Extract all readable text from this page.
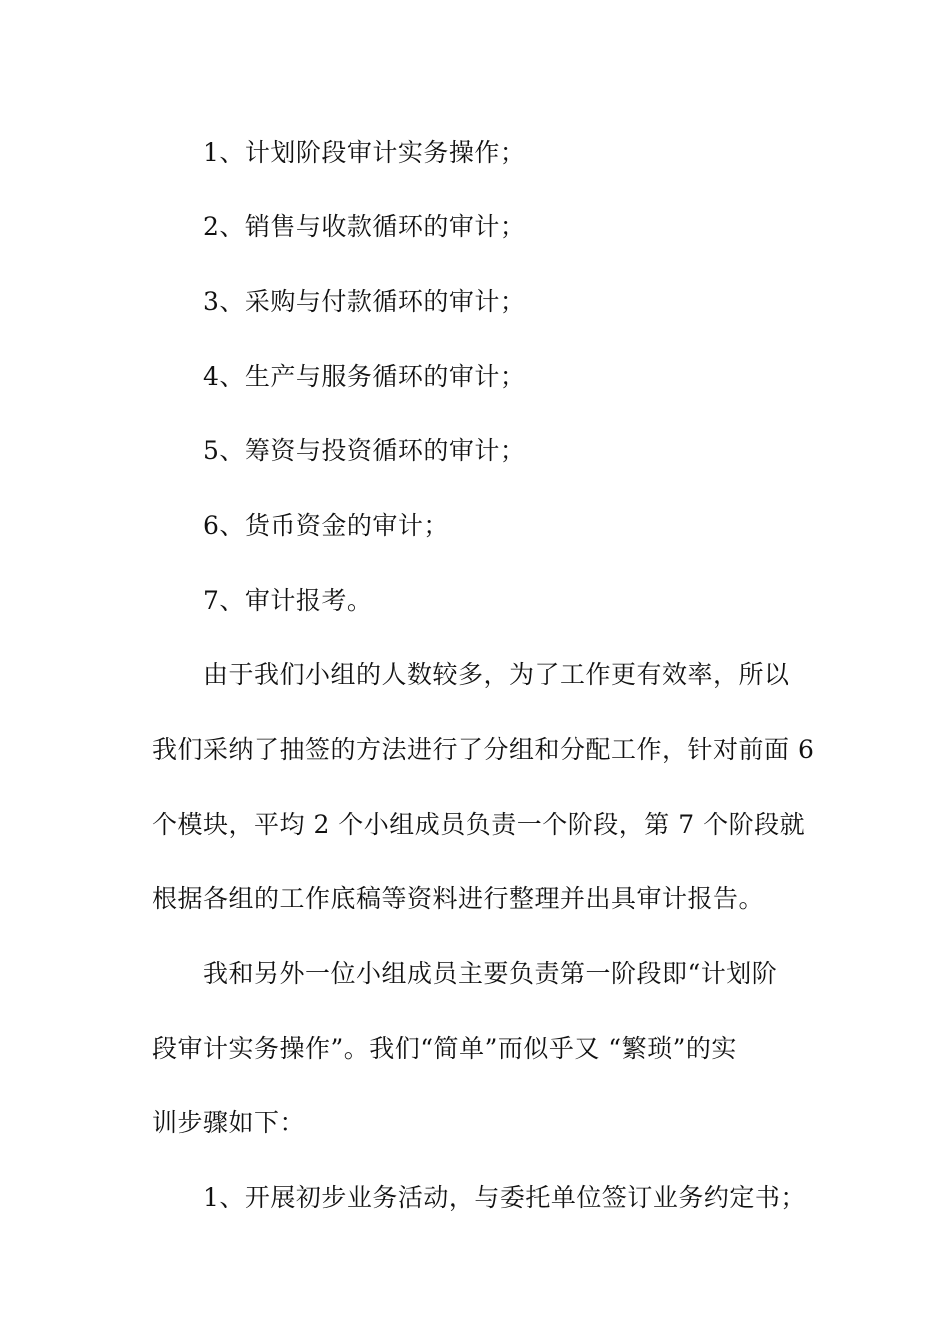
1、计划阶段审计实务操作；
2、销售与收款循环的审计；
3、采购与付款循环的审计；
4、生产与服务循环的审计；
5、筹资与投资循环的审计；
6、货币资金的审计；
7、审计报考。
由于我们小组的人数较多，为了工作更有效率，所以
我们采纳了抽签的方法进行了分组和分配工作，针对前面 6
个模块，平均 2 个小组成员负责一个阶段，第 7 个阶段就
根据各组的工作底稿等资料进行整理并出具审计报告。
我和另外一位小组成员主要负责第一阶段即“计划阶
段审计实务操作”。我们“简单”而似乎又 “繁琐”的实
训步骤如下：
1、开展初步业务活动，与委托单位签订业务约定书；
